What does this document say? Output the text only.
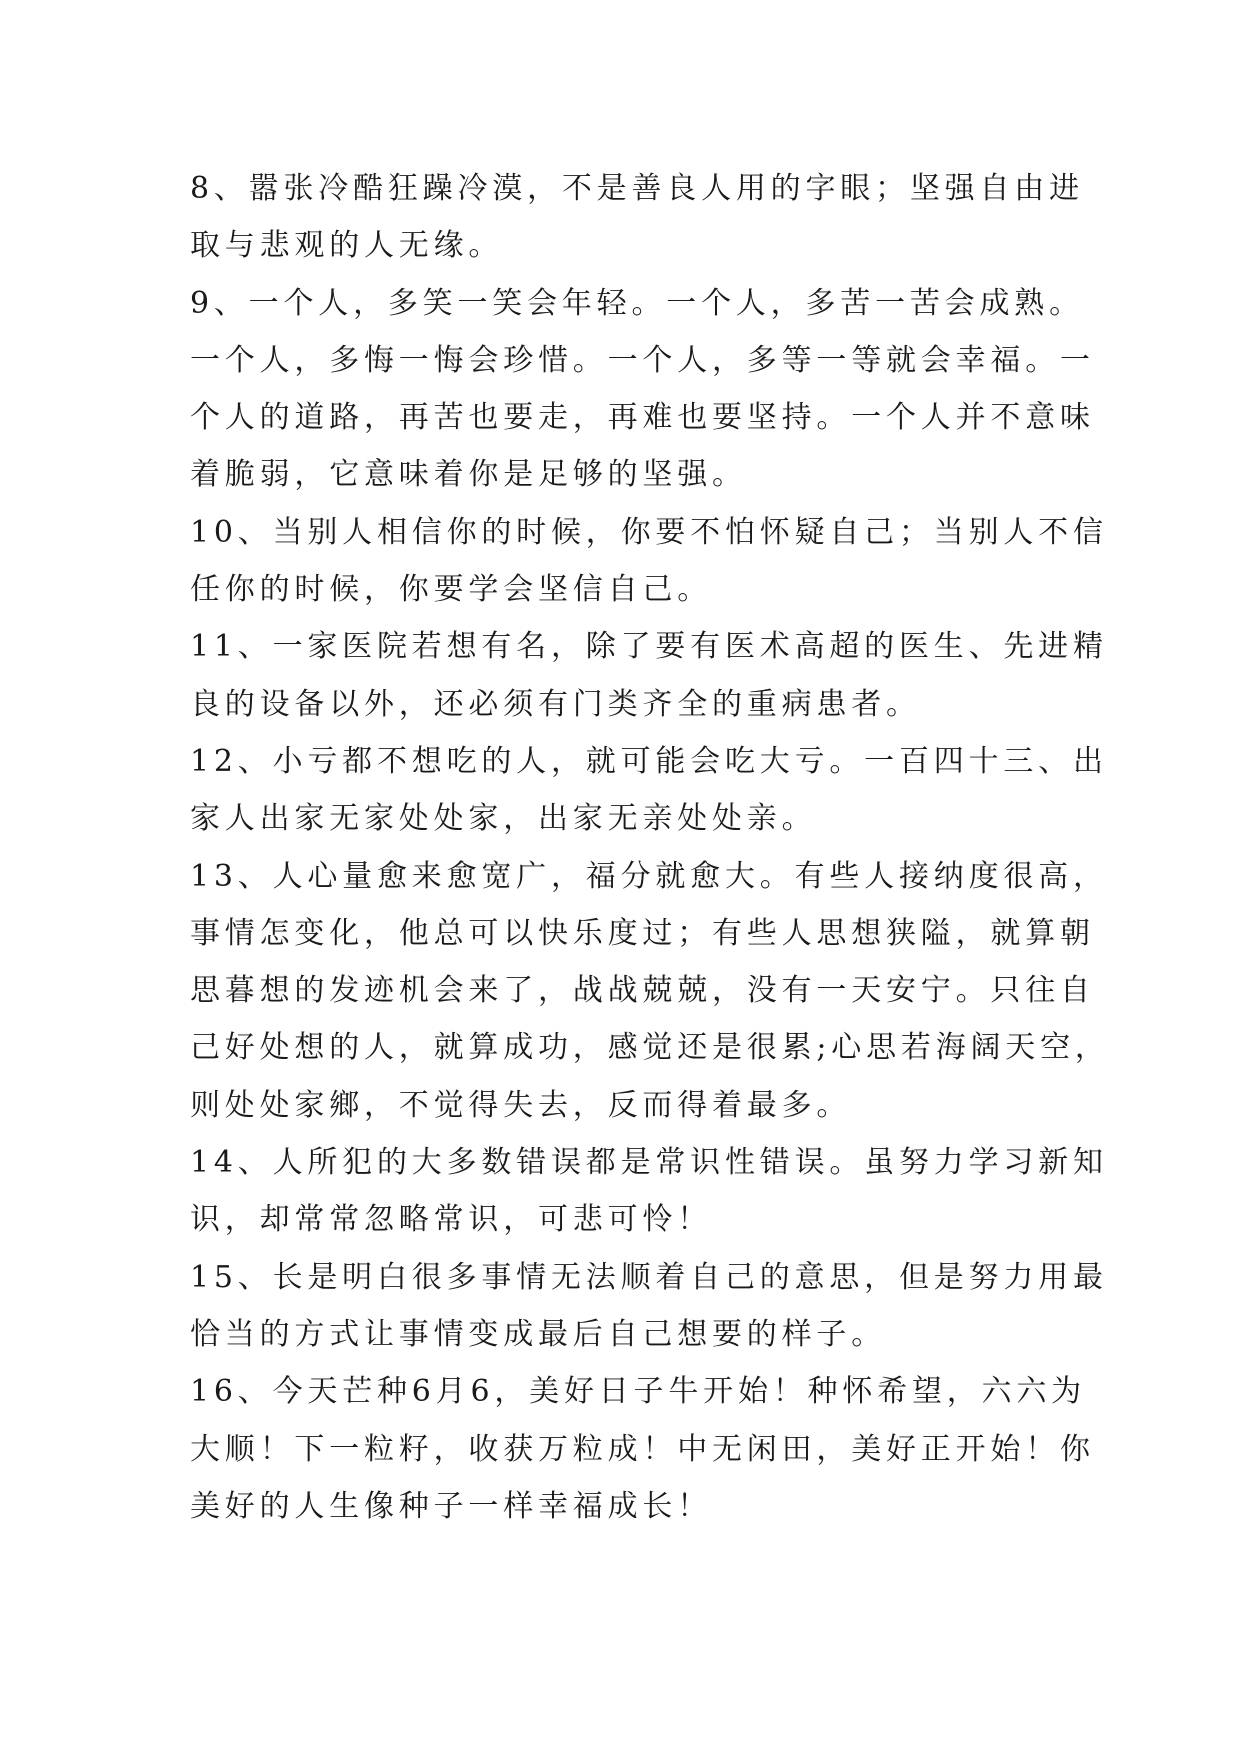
8、嚣张冷酷狂躁冷漠，不是善良人用的字眼；坚强自由进
取与悲观的人无缘。
9、一个人，多笑一笑会年轻。一个人，多苦一苦会成熟。
一个人，多悔一悔会珍惜。一个人，多等一等就会幸福。一
个人的道路，再苦也要走，再难也要坚持。一个人并不意味
着脆弱，它意味着你是足够的坚强。
10、当别人相信你的时候，你要不怕怀疑自己；当别人不信
任你的时候，你要学会坚信自己。
11、一家医院若想有名，除了要有医术高超的医生、先进精
良的设备以外，还必须有门类齐全的重病患者。
12、小亏都不想吃的人，就可能会吃大亏。一百四十三、出
家人出家无家处处家，出家无亲处处亲。
13、人心量愈来愈宽广，福分就愈大。有些人接纳度很高，
事情怎变化，他总可以快乐度过；有些人思想狭隘，就算朝
思暮想的发迹机会来了，战战兢兢，没有一天安宁。只往自
己好处想的人，就算成功，感觉还是很累;心思若海阔天空，
则处处家鄉，不觉得失去，反而得着最多。
14、人所犯的大多数错误都是常识性错误。虽努力学习新知
识，却常常忽略常识，可悲可怜！
15、长是明白很多事情无法顺着自己的意思，但是努力用最
恰当的方式让事情变成最后自己想要的样子。
16、今天芒种6月6，美好日子牛开始！种怀希望，六六为
大顺！下一粒籽，收获万粒成！中无闲田，美好正开始！你
美好的人生像种子一样幸福成长！
